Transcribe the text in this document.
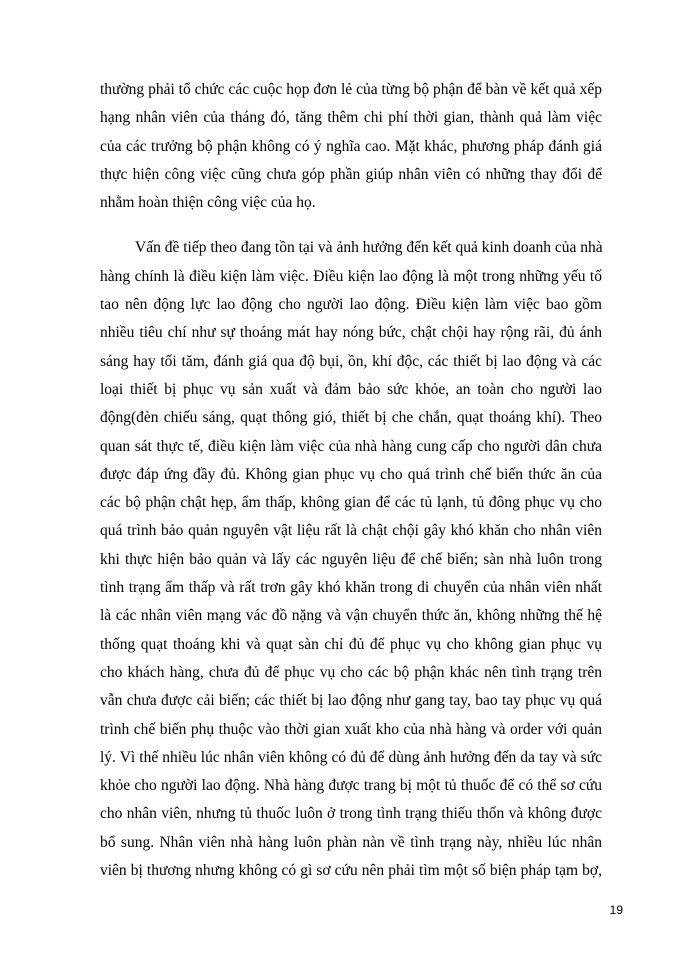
thường phải tổ chức các cuộc họp đơn lẻ của từng bộ phận để bàn về kết quả xếp
hạng nhân viên của tháng đó, tăng thêm chi phí thời gian, thành quả làm việc
của các trưởng bộ phận không có ý nghĩa cao. Mặt khác, phương pháp đánh giá
thực hiện công việc cũng chưa góp phần giúp nhân viên có những thay đổi để
nhằm hoàn thiện công việc của họ.
Vấn đề tiếp theo đang tồn tại và ảnh hưởng đến kết quả kinh doanh của nhà
hàng chính là điều kiện làm việc. Điều kiện lao động là một trong những yếu tố
tao nên động lực lao động cho người lao động. Điều kiện làm việc bao gồm
nhiều tiêu chí như sự thoáng mát hay nóng bức, chật chội hay rộng rãi, đủ ánh
sáng hay tối tăm, đánh giá qua độ bụi, ồn, khí độc, các thiết bị lao động và các
loại thiết bị phục vụ sản xuất và đảm bảo sức khỏe, an toàn cho người lao
động(đèn chiếu sáng, quạt thông gió, thiết bị che chắn, quạt thoáng khí). Theo
quan sát thực tế, điều kiện làm việc của nhà hàng cung cấp cho người dân chưa
được đáp ứng đầy đủ. Không gian phục vụ cho quá trình chế biến thức ăn của
các bộ phận chật hẹp, ẩm thấp, không gian để các tủ lạnh, tủ đông phục vụ cho
quá trình bảo quản nguyên vật liệu rất là chật chội gây khó khăn cho nhân viên
khi thực hiện bảo quản và lấy các nguyên liệu để chế biến; sàn nhà luôn trong
tình trạng ẩm thấp và rất trơn gây khó khăn trong di chuyển của nhân viên nhất
là các nhân viên mạng vác đồ nặng và vận chuyển thức ăn, không những thế hệ
thống quạt thoáng khi và quạt sàn chỉ đủ để phục vụ cho không gian phục vụ
cho khách hàng, chưa đủ để phục vụ cho các bộ phận khác nên tình trạng trên
vẫn chưa được cải biến; các thiết bị lao động như gang tay, bao tay phục vụ quá
trình chế biến phụ thuộc vào thời gian xuất kho của nhà hàng và order với quản
lý. Vì thế nhiều lúc nhân viên không có đủ để dùng ảnh hưởng đến da tay và sức
khỏe cho người lao động. Nhà hàng được trang bị một tủ thuốc để có thể sơ cứu
cho nhân viên, nhưng tủ thuốc luôn ở trong tình trạng thiếu thốn và không được
bổ sung. Nhân viên nhà hàng luôn phàn nàn về tình trạng này, nhiều lúc nhân
viên bị thương nhưng không có gì sơ cứu nên phải tìm một số biện pháp tạm bợ,
19
